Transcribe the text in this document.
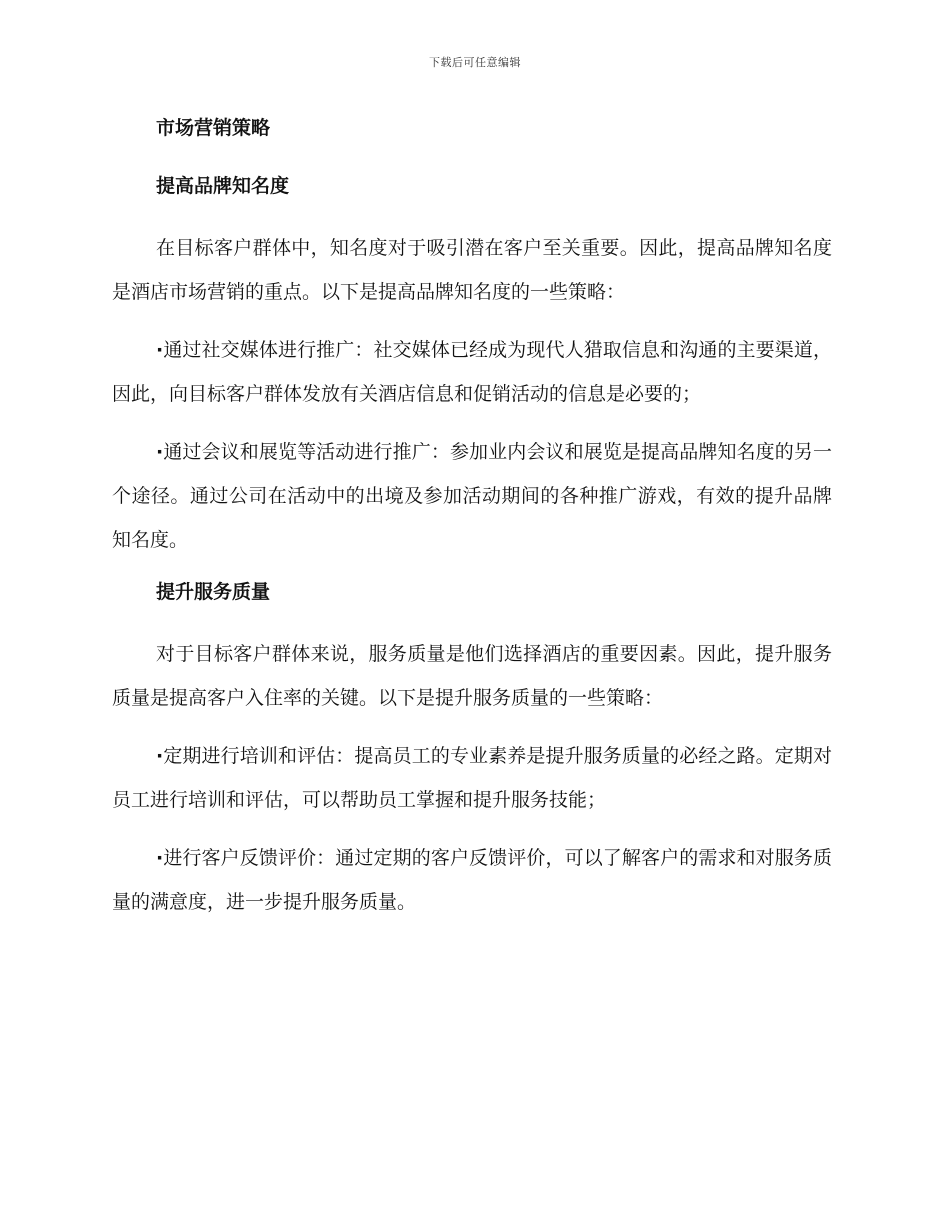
下载后可任意编辑
市场营销策略
提高品牌知名度

在目标客户群体中，知名度对于吸引潜在客户至关重要。因此，提高品牌知名度是酒店市场营销的重点。以下是提高品牌知名度的一些策略：

·通过社交媒体进行推广：社交媒体已经成为现代人猎取信息和沟通的主要渠道，因此，向目标客户群体发放有关酒店信息和促销活动的信息是必要的；

·通过会议和展览等活动进行推广：参加业内会议和展览是提高品牌知名度的另一个途径。通过公司在活动中的出境及参加活动期间的各种推广游戏，有效的提升品牌知名度。

提升服务质量

对于目标客户群体来说，服务质量是他们选择酒店的重要因素。因此，提升服务质量是提高客户入住率的关键。以下是提升服务质量的一些策略：

·定期进行培训和评估：提高员工的专业素养是提升服务质量的必经之路。定期对员工进行培训和评估，可以帮助员工掌握和提升服务技能；

·进行客户反馈评价：通过定期的客户反馈评价，可以了解客户的需求和对服务质量的满意度，进一步提升服务质量。
